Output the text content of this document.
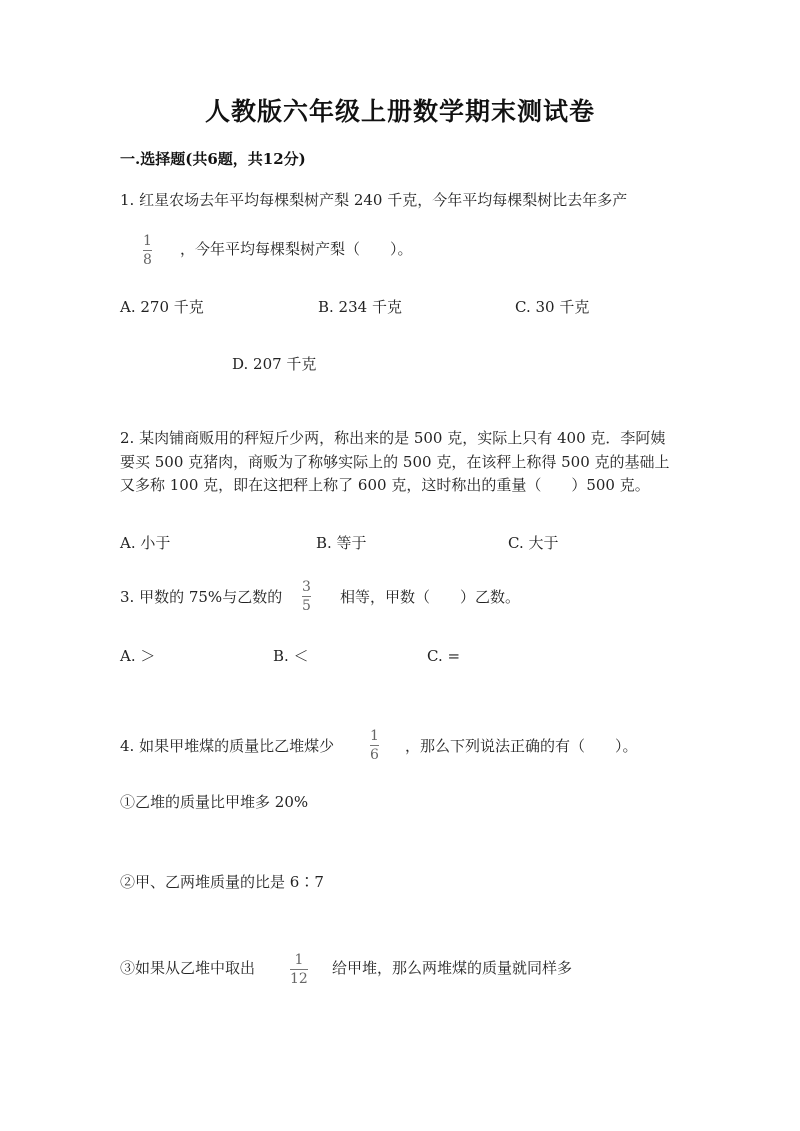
人教版六年级上册数学期末测试卷
一.选择题(共6题，共12分)
1. 红星农场去年平均每棵梨树产梨 240 千克，今年平均每棵梨树比去年多产
1
8
，今年平均每棵梨树产梨（　　）。
A. 270 千克	B. 234 千克	C. 30 千克
D. 207 千克
2. 某肉铺商贩用的秤短斤少两，称出来的是 500 克，实际上只有 400 克．李阿姨要买 500 克猪肉，商贩为了称够实际上的 500 克，在该秤上称得 500 克的基础上又多称 100 克，即在这把秤上称了 600 克，这时称出的重量（　　）500 克。
A. 小于	B. 等于	C. 大于
3. 甲数的 75%与乙数的
3
5 相等，甲数（　　）乙数。
A. ＞	B. ＜	C. =
4. 如果甲堆煤的质量比乙堆煤少
1
6 ，那么下列说法正确的有（　　）。
①乙堆的质量比甲堆多 20%
②甲、乙两堆质量的比是 6∶7
③如果从乙堆中取出	1
12
给甲堆，那么两堆煤的质量就同样多
